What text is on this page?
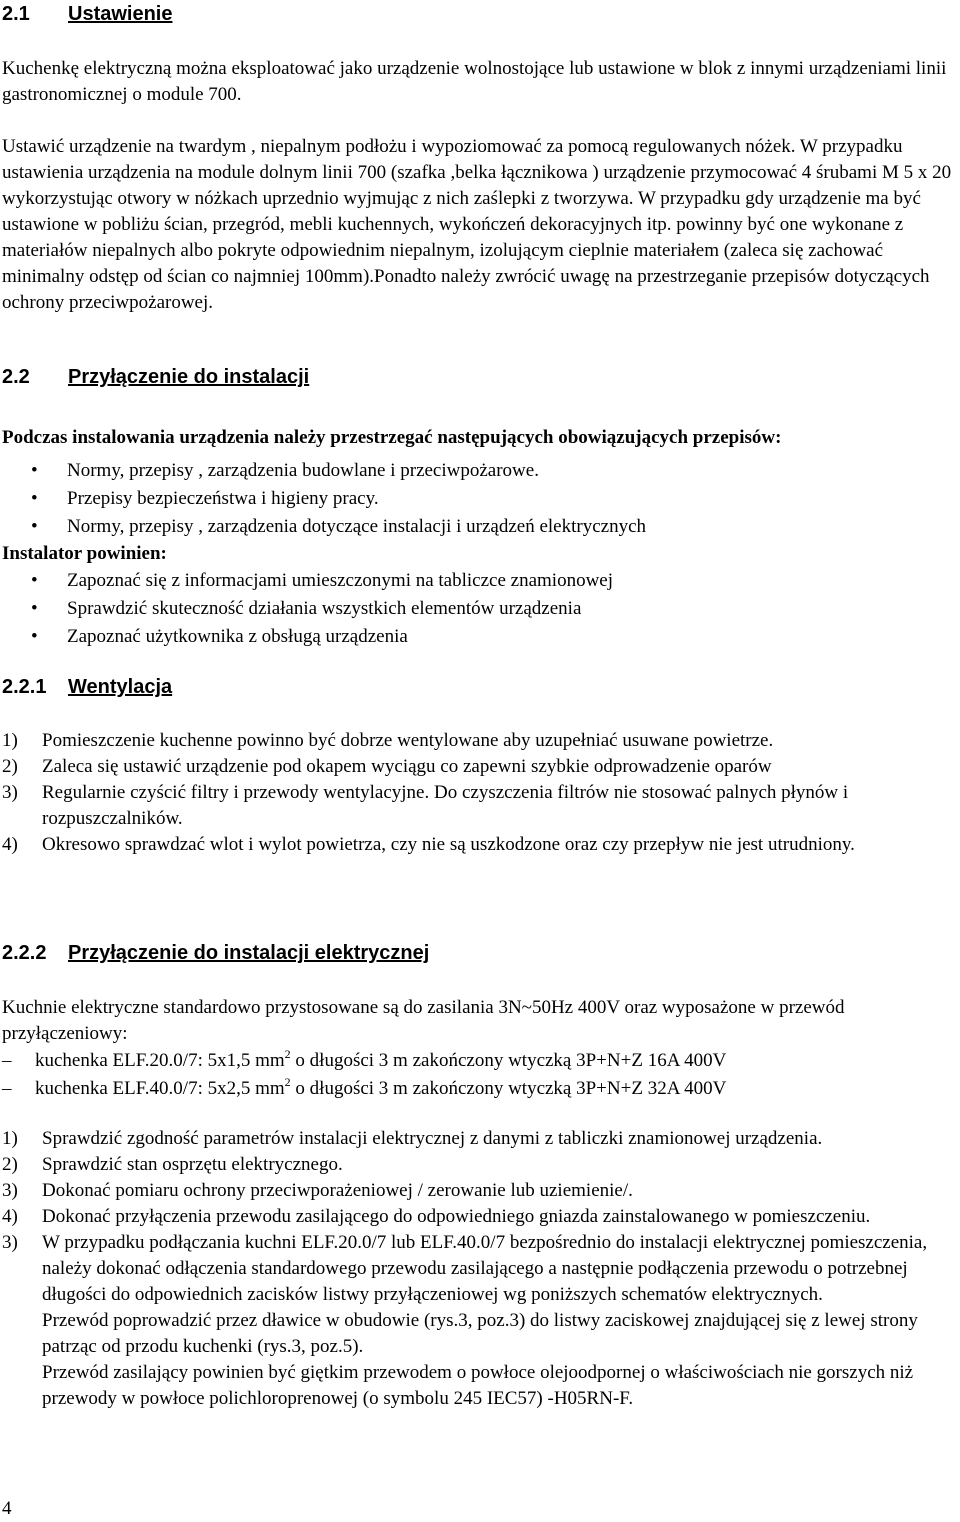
2.1 Ustawienie

Kuchenkę elektryczną można eksploatować jako urządzenie wolnostojące lub ustawione w blok z innymi urządzeniami linii gastronomicznej o module 700.

Ustawić urządzenie na twardym , niepalnym podłożu i wypoziomować za pomocą regulowanych nóżek. W przypadku ustawienia urządzenia na module dolnym linii 700 (szafka ,belka łącznikowa ) urządzenie przymocować 4 śrubami M 5 x 20 wykorzystując otwory w nóżkach uprzednio wyjmując z nich zaślepki z tworzywa. W przypadku gdy urządzenie ma być ustawione w pobliżu ścian, przegród, mebli kuchennych, wykończeń dekoracyjnych itp. powinny być one wykonane z materiałów niepalnych albo pokryte odpowiednim niepalnym, izolującym cieplnie materiałem (zaleca się zachować minimalny odstęp od ścian co najmniej 100mm).Ponadto należy zwrócić uwagę na przestrzeganie przepisów dotyczących ochrony przeciwpożarowej.

2.2 Przyłączenie do instalacji

Podczas instalowania urządzenia należy przestrzegać następujących obowiązujących przepisów:

• Normy, przepisy , zarządzenia budowlane i przeciwpożarowe.
• Przepisy bezpieczeństwa i higieny pracy.
• Normy, przepisy , zarządzenia dotyczące instalacji i urządzeń elektrycznych

Instalator powinien:

• Zapoznać się z informacjami umieszczonymi na tabliczce znamionowej
• Sprawdzić skuteczność działania wszystkich elementów urządzenia
• Zapoznać użytkownika z obsługą urządzenia
2.2.1 Wentylacja
1) Pomieszczenie kuchenne powinno być dobrze wentylowane aby uzupełniać usuwane powietrze.
2) Zaleca się ustawić urządzenie pod okapem wyciągu co zapewni szybkie odprowadzenie oparów
3) Regularnie czyścić filtry i przewody wentylacyjne. Do czyszczenia filtrów nie stosować palnych płynów i rozpuszczalników.
4) Okresowo sprawdzać wlot i wylot powietrza, czy nie są uszkodzone oraz czy przepływ nie jest utrudniony.
2.2.2 Przyłączenie do instalacji elektrycznej

Kuchnie elektryczne standardowo przystosowane są do zasilania 3N~50Hz 400V oraz wyposażone w przewód przyłączeniowy:

– kuchenka ELF.20.0/7: 5x1,5 $mm^2$ o długości 3 m zakończony wtyczką 3P+N+Z 16A 400V
– kuchenka ELF.40.0/7: 5x2,5 $mm^2$ o długości 3 m zakończony wtyczką 3P+N+Z 32A 400V
1) Sprawdzić zgodność parametrów instalacji elektrycznej z danymi z tabliczki znamionowej urządzenia.
2) Sprawdzić stan osprzętu elektrycznego.
3) Dokonać pomiaru ochrony przeciwporażeniowej / zerowanie lub uziemienie/.
4) Dokonać przyłączenia przewodu zasilającego do odpowiedniego gniazda zainstalowanego w pomieszczeniu.
3) W przypadku podłączania kuchni ELF.20.0/7 lub ELF.40.0/7 bezpośrednio do instalacji elektrycznej pomieszczenia, należy dokonać odłączenia standardowego przewodu zasilającego a następnie podłączenia przewodu o potrzebnej długości do odpowiednich zacisków listwy przyłączeniowej wg poniższych schematów elektrycznych.
Przewód poprowadzić przez dławice w obudowie (rys.3, poz.3) do listwy zaciskowej znajdującej się z lewej strony patrząc od przodu kuchenki (rys.3, poz.5).
Przewód zasilający powinien być giętkim przewodem o powłoce olejoodpornej o właściwościach nie gorszych niż przewody w powłoce polichloroprenowej (o symbolu 245 IEC57) -H05RN-F.
4
